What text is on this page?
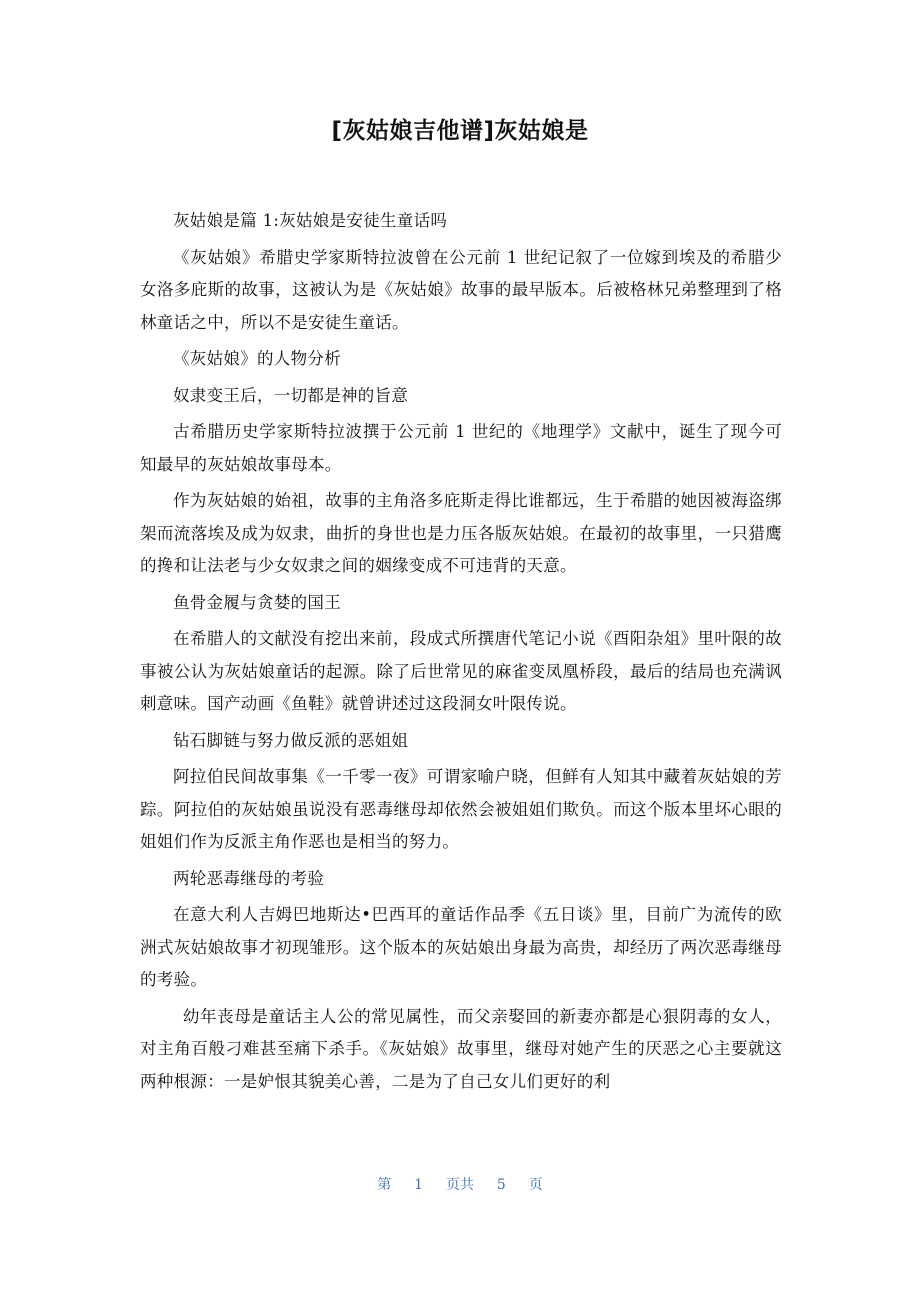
[灰姑娘吉他谱]灰姑娘是

灰姑娘是篇 1:灰姑娘是安徒生童话吗

《灰姑娘》希腊史学家斯特拉波曾在公元前 1 世纪记叙了一位嫁到埃及的希腊少女洛多庇斯的故事，这被认为是《灰姑娘》故事的最早版本。后被格林兄弟整理到了格林童话之中，所以不是安徒生童话。

《灰姑娘》的人物分析

奴隶变王后，一切都是神的旨意

古希腊历史学家斯特拉波撰于公元前 1 世纪的《地理学》文献中，诞生了现今可知最早的灰姑娘故事母本。

作为灰姑娘的始祖，故事的主角洛多庇斯走得比谁都远，生于希腊的她因被海盗绑架而流落埃及成为奴隶，曲折的身世也是力压各版灰姑娘。在最初的故事里，一只猎鹰的搀和让法老与少女奴隶之间的姻缘变成不可违背的天意。

鱼骨金履与贪婪的国王

在希腊人的文献没有挖出来前，段成式所撰唐代笔记小说《酉阳杂俎》里叶限的故事被公认为灰姑娘童话的起源。除了后世常见的麻雀变凤凰桥段，最后的结局也充满讽刺意味。国产动画《鱼鞋》就曾讲述过这段洞女叶限传说。

钻石脚链与努力做反派的恶姐姐

阿拉伯民间故事集《一千零一夜》可谓家喻户晓，但鲜有人知其中藏着灰姑娘的芳踪。阿拉伯的灰姑娘虽说没有恶毒继母却依然会被姐姐们欺负。而这个版本里坏心眼的姐姐们作为反派主角作恶也是相当的努力。

两轮恶毒继母的考验

在意大利人吉姆巴地斯达•巴西耳的童话作品季《五日谈》里，目前广为流传的欧洲式灰姑娘故事才初现雏形。这个版本的灰姑娘出身最为高贵，却经历了两次恶毒继母的考验。

幼年丧母是童话主人公的常见属性，而父亲娶回的新妻亦都是心狠阴毒的女人，对主角百般刁难甚至痛下杀手。《灰姑娘》故事里，继母对她产生的厌恶之心主要就这两种根源：一是妒恨其貌美心善，二是为了自己女儿们更好的利

第 1 页共 5 页
